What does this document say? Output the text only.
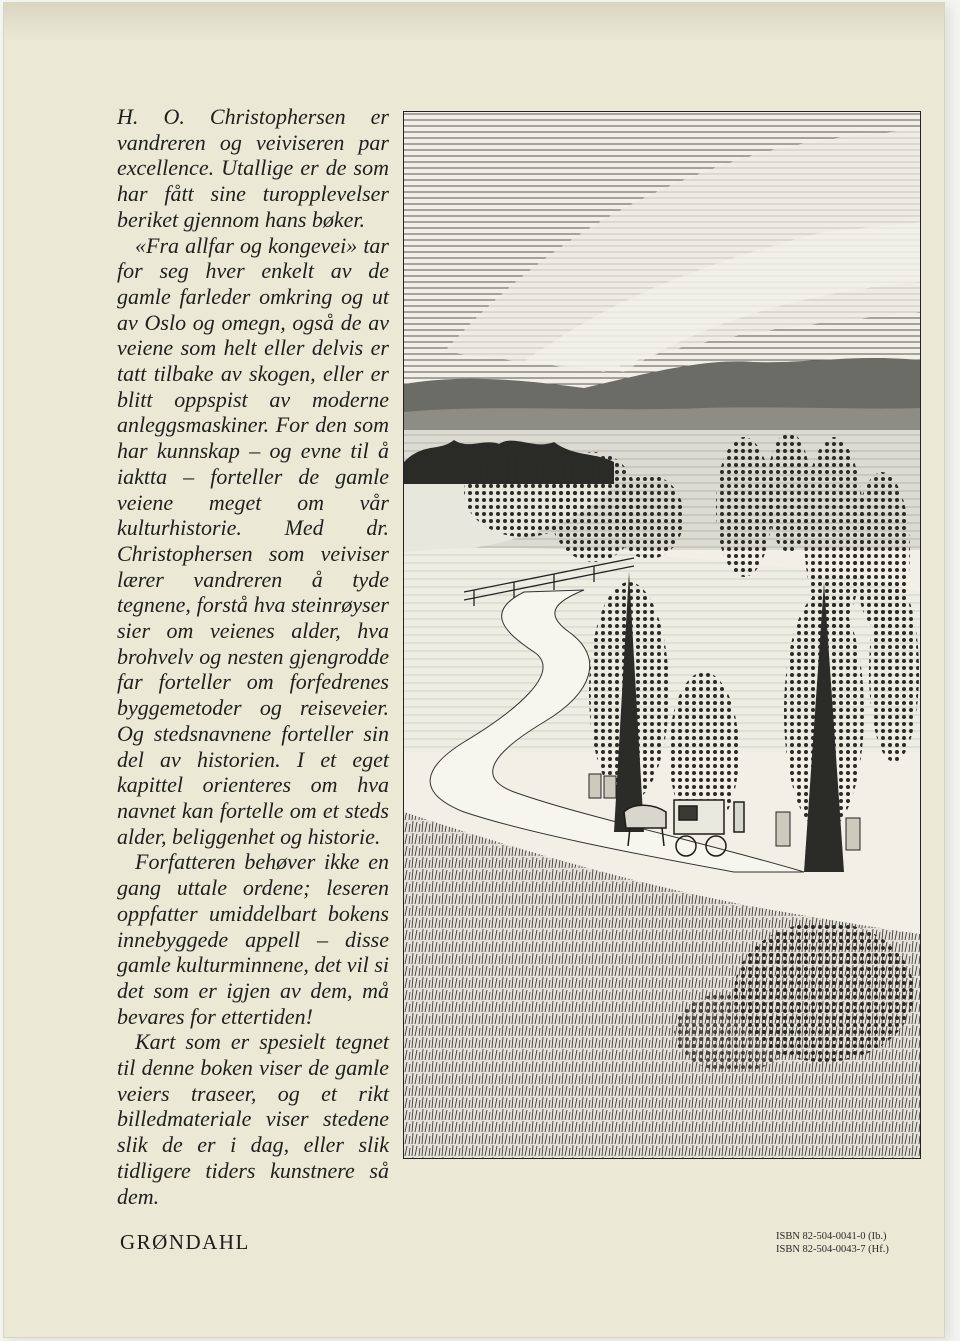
H. O. Christophersen er vandreren og veiviseren par excellence. Utallige er de som har fått sine turopplevelser beriket gjennom hans bøker.

«Fra allfar og kongevei» tar for seg hver enkelt av de gamle farleder omkring og ut av Oslo og omegn, også de av veiene som helt eller delvis er tatt tilbake av skogen, eller er blitt oppspist av moderne anleggsmaskiner. For den som har kunnskap – og evne til å iaktta – forteller de gamle veiene meget om vår kulturhistorie. Med dr. Christophersen som veiviser lærer vandreren å tyde tegnene, forstå hva steinrøyser sier om veienes alder, hva brohvelv og nesten gjengrodde far forteller om forfedrenes byggemetoder og reiseveier. Og stedsnavnene forteller sin del av historien. I et eget kapittel orienteres om hva navnet kan fortelle om et steds alder, beliggenhet og historie.

Forfatteren behøver ikke en gang uttale ordene; leseren oppfatter umiddelbart bokens innebyggede appell – disse gamle kulturminnene, det vil si det som er igjen av dem, må bevares for ettertiden!

Kart som er spesielt tegnet til denne boken viser de gamle veiers traseer, og et rikt billedmateriale viser stedene slik de er i dag, eller slik tidligere tiders kunstnere så dem.

GRØNDAHL	ISBN 82-504-0041-0 (Ib.)
ISBN 82-504-0043-7 (Hf.)
